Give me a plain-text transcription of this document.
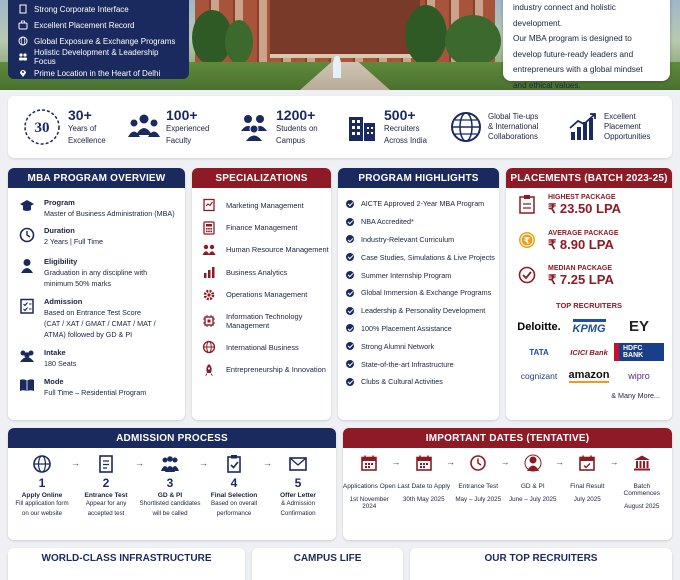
Strong Corporate Interface
Excellent Placement Record
Global Exposure & Exchange Programs
Holistic Development & Leadership Focus
Prime Location in the Heart of Delhi

industry connect and holistic development.

Our MBA program is designed to

develop future-ready leaders and

entrepreneurs with a global mindset

and ethical values.

30
30+
Years of
Excellence
100+
Experienced
Faculty
1200+
Students on
Campus
500+
Recruiters
Across India
Global Tie-ups
& International
Collaborations
Excellent
Placement
Opportunities
MBA PROGRAM OVERVIEW
Program
Master of Business Administration (MBA)
Duration
2 Years | Full Time
Eligibility
Graduation in any discipline with
minimum 50% marks
Admission
Based on Entrance Test Score
(CAT / XAT / GMAT / CMAT / MAT /
ATMA) followed by GD & PI
Intake
180 Seats
Mode
Full Time – Residential Program
SPECIALIZATIONS
Marketing Management
Finance Management
Human Resource Management
Business Analytics
Operations Management
Information Technology
Management
International Business
Entrepreneurship & Innovation
PROGRAM HIGHLIGHTS
AICTE Approved 2-Year MBA Program
NBA Accredited*
Industry-Relevant Curriculum
Case Studies, Simulations & Live Projects
Summer Internship Program
Global Immersion & Exchange Programs
Leadership & Personality Development
100% Placement Assistance
Strong Alumni Network
State-of-the-art Infrastructure
Clubs & Cultural Activities
PLACEMENTS (BATCH 2023-25)
HIGHEST PACKAGE
₹ 23.50 LPA
₹
AVERAGE PACKAGE
₹ 8.90 LPA
MEDIAN PACKAGE
₹ 7.25 LPA
TOP RECRUITERS
Deloitte. KPMG EY
TATA	ICICI Bank	HDFC BANK
cognizant amazon wipro
& Many More...
ADMISSION PROCESS
1
Apply Online
Fill application form
on our website
→
2
Entrance Test
Appear for any
accepted test
→
3
GD & PI
Shortlisted candidates
will be called
→
4
Final Selection
Based on overall
performance
→
5
Offer Letter
& Admission
Confirmation
IMPORTANT DATES (TENTATIVE)
Applications Open
1st November 2024
→
Last Date to Apply
30th May 2025
→
Entrance Test
May – July 2025
→
GD & PI
June – July 2025
→
Final Result
July 2025
→
Batch Commences
August 2025
WORLD-CLASS INFRASTRUCTURE	CAMPUS LIFE	OUR TOP RECRUITERS
